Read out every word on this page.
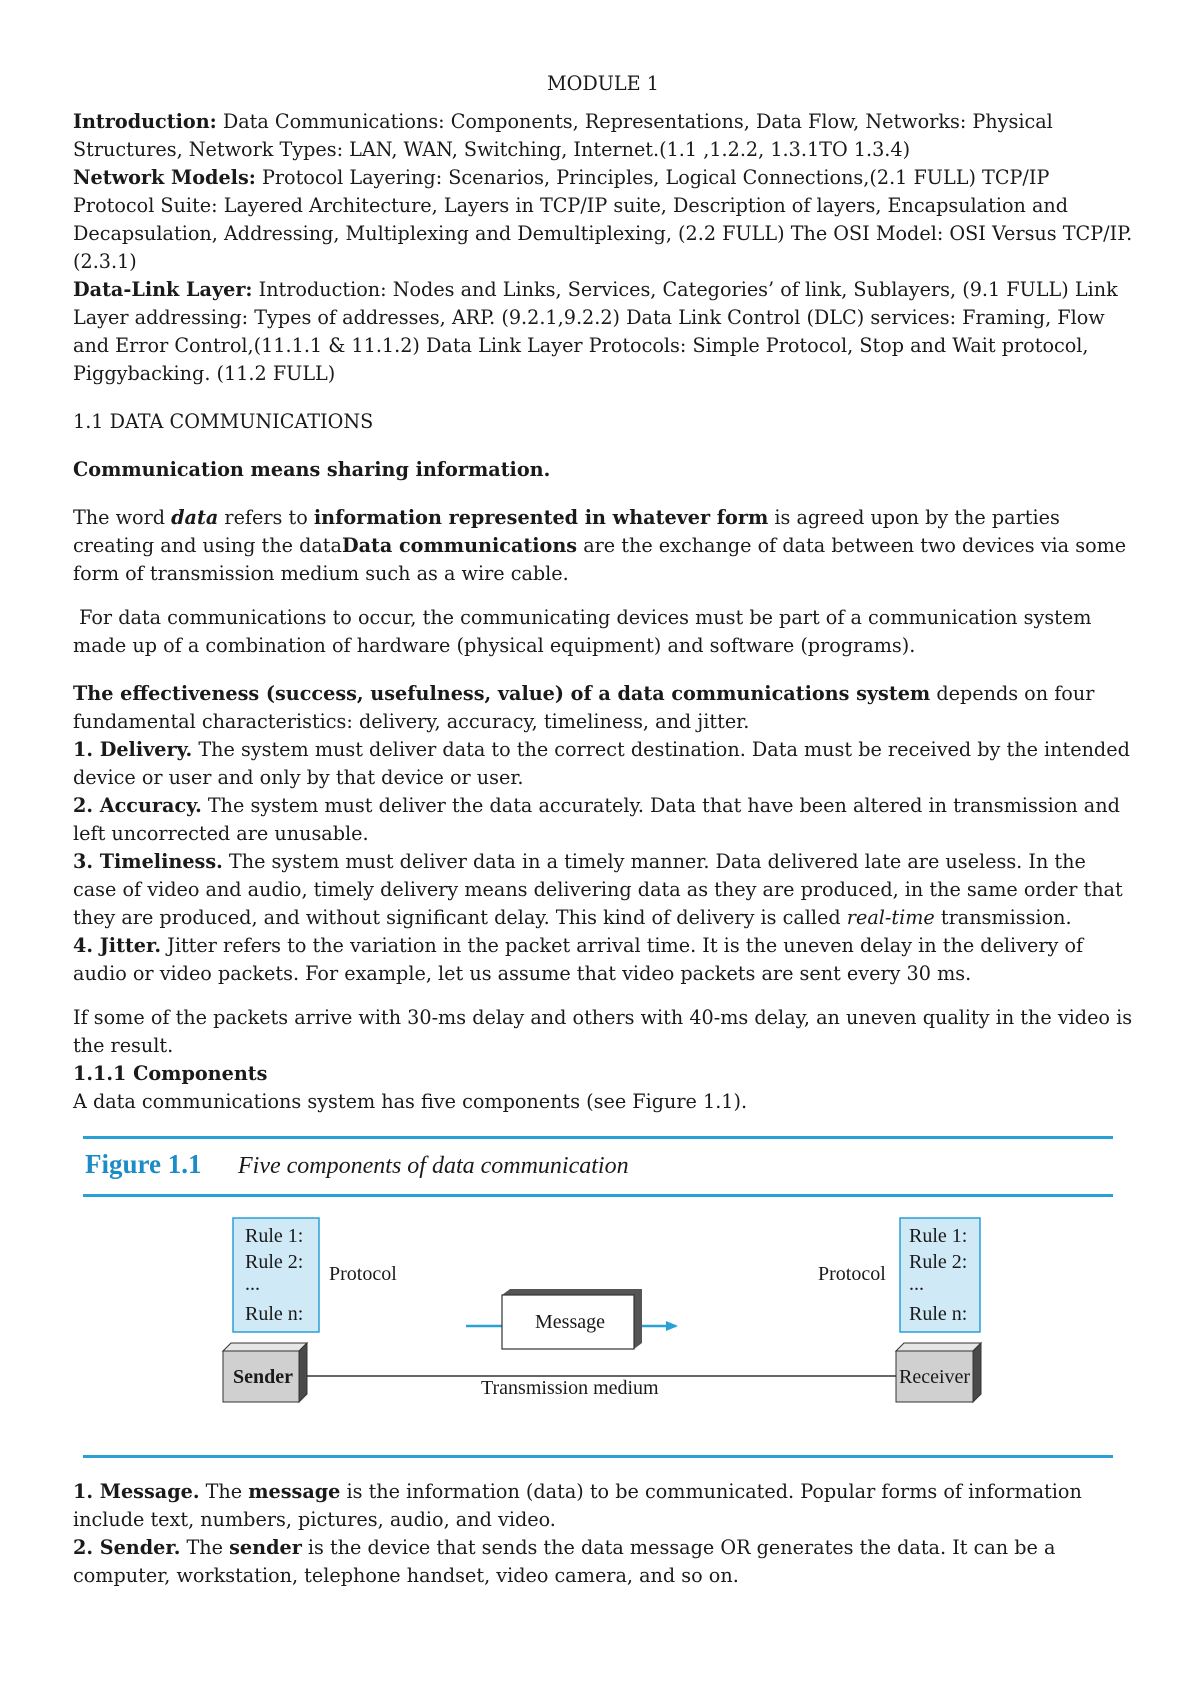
MODULE 1

Introduction: Data Communications: Components, Representations, Data Flow, Networks: Physical Structures, Network Types: LAN, WAN, Switching, Internet.(1.1 ,1.2.2, 1.3.1TO 1.3.4)

Network Models: Protocol Layering: Scenarios, Principles, Logical Connections,(2.1 FULL) TCP/IP Protocol Suite: Layered Architecture, Layers in TCP/IP suite, Description of layers, Encapsulation and Decapsulation, Addressing, Multiplexing and Demultiplexing, (2.2 FULL) The OSI Model: OSI Versus TCP/IP.(2.3.1)

Data-Link Layer: Introduction: Nodes and Links, Services, Categories’ of link, Sublayers, (9.1 FULL) Link Layer addressing: Types of addresses, ARP. (9.2.1,9.2.2) Data Link Control (DLC) services: Framing, Flow and Error Control,(11.1.1 & 11.1.2) Data Link Layer Protocols: Simple Protocol, Stop and Wait protocol, Piggybacking. (11.2 FULL)

1.1 DATA COMMUNICATIONS

Communication means sharing information.

The word data refers to information represented in whatever form is agreed upon by the parties creating and using the dataData communications are the exchange of data between two devices via some form of transmission medium such as a wire cable.

For data communications to occur, the communicating devices must be part of a communication system made up of a combination of hardware (physical equipment) and software (programs).

The effectiveness (success, usefulness, value) of a data communications system depends on four fundamental characteristics: delivery, accuracy, timeliness, and jitter.

1. Delivery. The system must deliver data to the correct destination. Data must be received by the intended device or user and only by that device or user.

2. Accuracy. The system must deliver the data accurately. Data that have been altered in transmission and left uncorrected are unusable.

3. Timeliness. The system must deliver data in a timely manner. Data delivered late are useless. In the case of video and audio, timely delivery means delivering data as they are produced, in the same order that they are produced, and without significant delay. This kind of delivery is called real-time transmission.

4. Jitter. Jitter refers to the variation in the packet arrival time. It is the uneven delay in the delivery of audio or video packets. For example, let us assume that video packets are sent every 30 ms.

If some of the packets arrive with 30-ms delay and others with 40-ms delay, an uneven quality in the video is the result.

1.1.1 Components

A data communications system has five components (see Figure 1.1).

Figure 1.1 Five components of data communication
Rule 1:
Rule 2:
...
Rule n:
Protocol
Rule 1:
Rule 2:
...
Rule n:
Protocol
Message
Transmission medium
Sender	Receiver

1. Message. The message is the information (data) to be communicated. Popular forms of information include text, numbers, pictures, audio, and video.

2. Sender. The sender is the device that sends the data message OR generates the data. It can be a computer, workstation, telephone handset, video camera, and so on.
